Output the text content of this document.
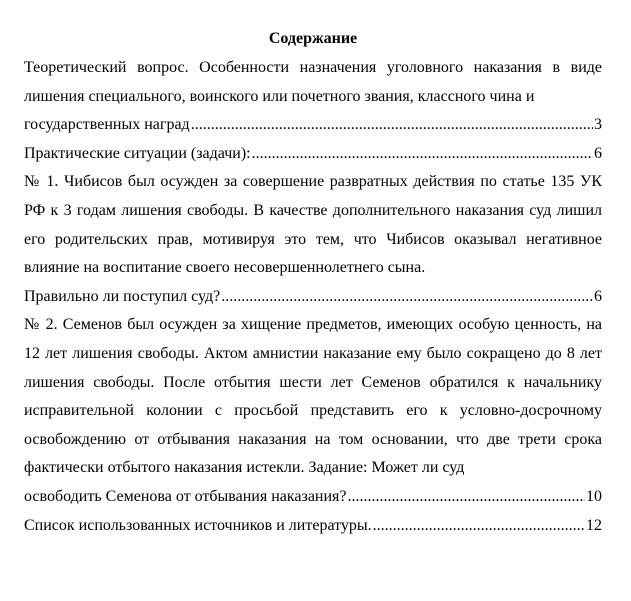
Содержание
Теоретический вопрос. Особенности назначения уголовного наказания в виде лишения специального, воинского или почетного звания, классного чина и
государственных наград .....	3
Практические ситуации (задачи): .....	6
№ 1. Чибисов был осужден за совершение развратных действия по статье 135 УК РФ к 3 годам лишения свободы. В качестве дополнительного наказания суд лишил его родительских прав, мотивируя это тем, что Чибисов оказывал негативное влияние на воспитание своего несовершеннолетнего сына.
Правильно ли поступил суд? .....	6
№ 2. Семенов был осужден за хищение предметов, имеющих особую ценность, на 12 лет лишения свободы. Актом амнистии наказание ему было сокращено до 8 лет лишения свободы. После отбытия шести лет Семенов обратился к начальнику исправительной колонии с просьбой представить его к условно-досрочному освобождению от отбывания наказания на том основании, что две трети срока фактически отбытого наказания истекли. Задание: Может ли суд
освободить Семенова от отбывания наказания? .....	10
Список использованных источников и литературы. .....	12
